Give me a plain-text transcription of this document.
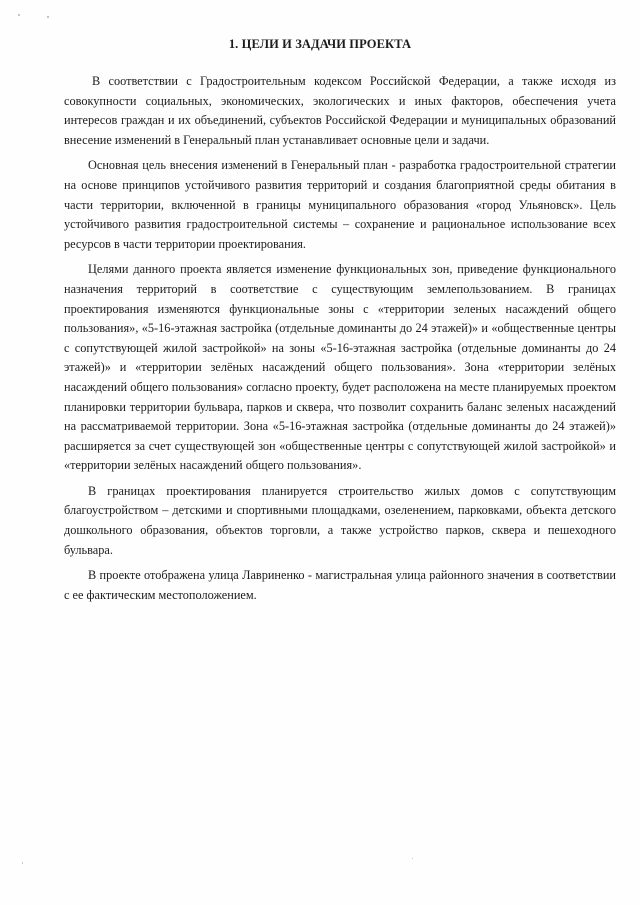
1. ЦЕЛИ И ЗАДАЧИ ПРОЕКТА

В соответствии с Градостроительным кодексом Российской Федерации, а также исходя из совокупности социальных, экономических, экологических и иных факторов, обеспечения учета интересов граждан и их объединений, субъектов Российской Федерации и муниципальных образований внесение изменений в Генеральный план устанавливает основные цели и задачи.

Основная цель внесения изменений в Генеральный план - разработка градостроительной стратегии на основе принципов устойчивого развития территорий и создания благоприятной среды обитания в части территории, включенной в границы муниципального образования «город Ульяновск». Цель устойчивого развития градостроительной системы – сохранение и рациональное использование всех ресурсов в части территории проектирования.

Целями данного проекта является изменение функциональных зон, приведение функционального назначения территорий в соответствие с существующим землепользованием. В границах проектирования изменяются функциональные зоны с «территории зеленых насаждений общего пользования», «5-16-этажная застройка (отдельные доминанты до 24 этажей)» и «общественные центры с сопутствующей жилой застройкой» на зоны «5-16-этажная застройка (отдельные доминанты до 24 этажей)» и «территории зелёных насаждений общего пользования». Зона «территории зелёных насаждений общего пользования» согласно проекту, будет расположена на месте планируемых проектом планировки территории бульвара, парков и сквера, что позволит сохранить баланс зеленых насаждений на рассматриваемой территории. Зона «5-16-этажная застройка (отдельные доминанты до 24 этажей)» расширяется за счет существующей зон «общественные центры с сопутствующей жилой застройкой» и «территории зелёных насаждений общего пользования».

В границах проектирования планируется строительство жилых домов с сопутствующим благоустройством – детскими и спортивными площадками, озеленением, парковками, объекта детского дошкольного образования, объектов торговли, а также устройство парков, сквера и пешеходного бульвара.

В проекте отображена улица Лавриненко - магистральная улица районного значения в соответствии с ее фактическим местоположением.
